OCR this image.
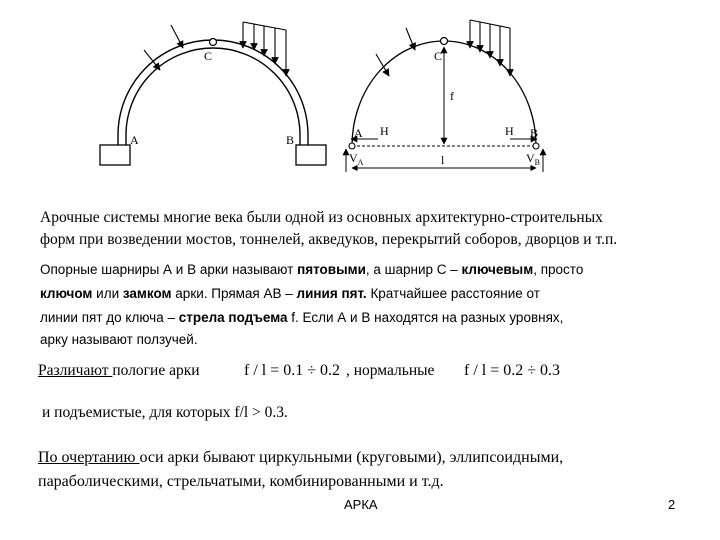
C
A	B
C
f
A H	H B
$V_A$	l	$V_B$
Арочные системы многие века были одной из основных архитектурно-строительных
форм при возведении мостов, тоннелей, акведуков, перекрытий соборов, дворцов и т.п.
Опорные шарниры А и В арки называют пятовыми, а шарнир С – ключевым, просто
ключом или замком арки. Прямая АВ – линия пят. Кратчайшее расстояние от
линии пят до ключа – стрела подъема f. Если А и В находятся на разных уровнях,
арку называют ползучей.
Различают пологие арки	f / l = 0.1 ÷ 0.2 , нормальные f / l = 0.2 ÷ 0.3
и подъемистые, для которых f/l > 0.3.
По очертанию оси арки бывают циркульными (круговыми), эллипсоидными,
параболическими, стрельчатыми, комбинированными и т.д.
АРКА	2
